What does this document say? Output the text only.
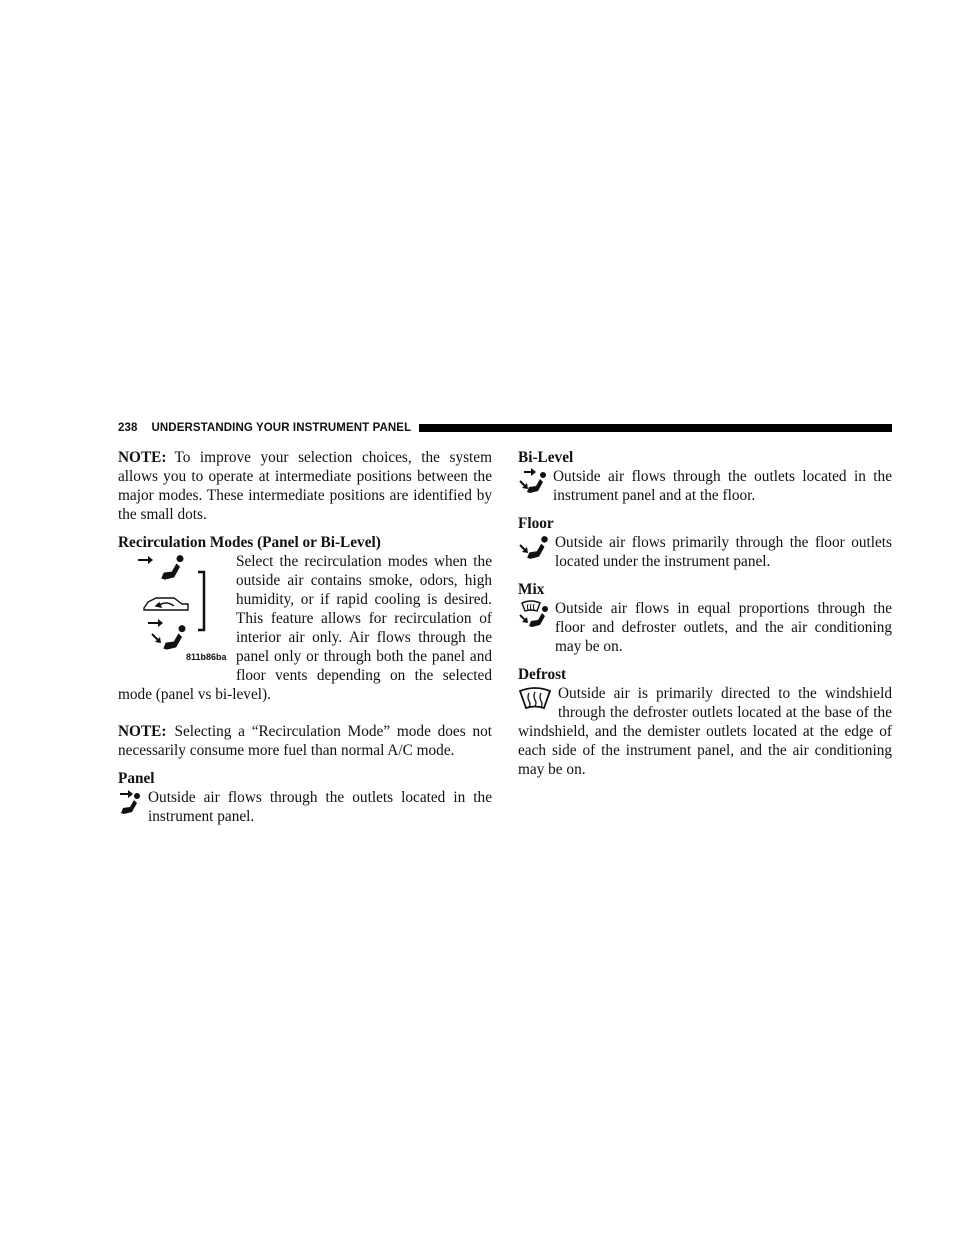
238 UNDERSTANDING YOUR INSTRUMENT PANEL

NOTE: To improve your selection choices, the system allows you to operate at intermediate positions between the major modes. These intermediate positions are identified by the small dots.

Recirculation Modes (Panel or Bi-Level)
811b86ba

Select the recirculation modes when the outside air contains smoke, odors, high humidity, or if rapid cooling is desired. This feature allows for recirculation of interior air only. Air flows through the panel only or through both the panel and floor vents depending on the selected mode (panel vs bi-level).

NOTE: Selecting a “Recirculation Mode” mode does not necessarily consume more fuel than normal A/C mode.

Panel

Outside air flows through the outlets located in the instrument panel.

Bi-Level

Outside air flows through the outlets located in the instrument panel and at the floor.

Floor

Outside air flows primarily through the floor outlets located under the instrument panel.

Mix

Outside air flows in equal proportions through the floor and defroster outlets, and the air conditioning may be on.

Defrost

Outside air is primarily directed to the windshield through the defroster outlets located at the base of the windshield, and the demister outlets located at the edge of each side of the instrument panel, and the air conditioning may be on.
